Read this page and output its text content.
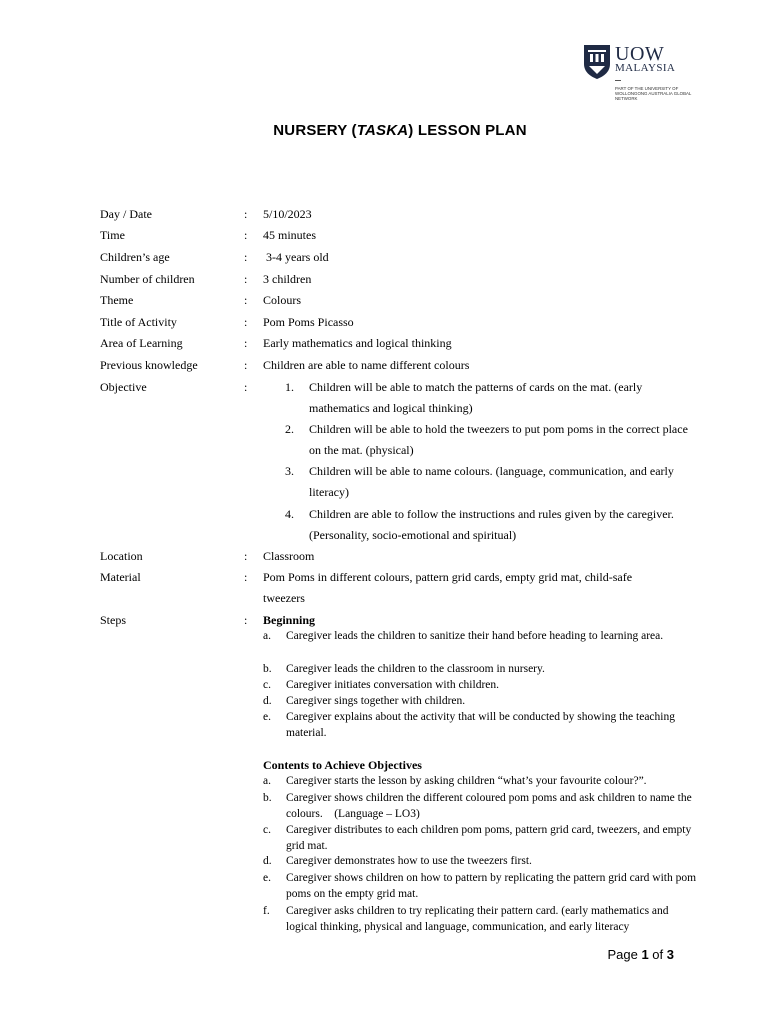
UOW
MALAYSIA
PART OF THE UNIVERSITY OF WOLLONGONG AUSTRALIA GLOBAL NETWORK
NURSERY (TASKA) LESSON PLAN
Day / Date	: 5/10/2023
Time	: 45 minutes
Children’s age	: 3-4 years old
Number of children	: 3 children
Theme	: Colours
Title of Activity	: Pom Poms Picasso
Area of Learning	: Early mathematics and logical thinking
Previous knowledge	: Children are able to name different colours
Objective	:	1. Children will be able to match the patterns of cards on the mat. (early mathematics and logical thinking)
2. Children will be able to hold the tweezers to put pom poms in the correct place on the mat. (physical)
3. Children will be able to name colours. (language, communication, and early literacy)
4. Children are able to follow the instructions and rules given by the caregiver. (Personality, socio-emotional and spiritual)
Location	: Classroom
Material	: Pom Poms in different colours, pattern grid cards, empty grid mat, child-safe tweezers
Steps	: Beginning
a. Caregiver leads the children to sanitize their hand before heading to learning area.
b. Caregiver leads the children to the classroom in nursery.
c. Caregiver initiates conversation with children.
d. Caregiver sings together with children.
e. Caregiver explains about the activity that will be conducted by showing the teaching material.
Contents to Achieve Objectives
a. Caregiver starts the lesson by asking children “what’s your favourite colour?”.
b. Caregiver shows children the different coloured pom poms and ask children to name the colours.    (Language – LO3)
c. Caregiver distributes to each children pom poms, pattern grid card, tweezers, and empty grid mat.
d. Caregiver demonstrates how to use the tweezers first.
e. Caregiver shows children on how to pattern by replicating the pattern grid card with pom poms on the empty grid mat.
f. Caregiver asks children to try replicating their pattern card. (early mathematics and logical thinking, physical and language, communication, and early literacy
Page 1 of 3
